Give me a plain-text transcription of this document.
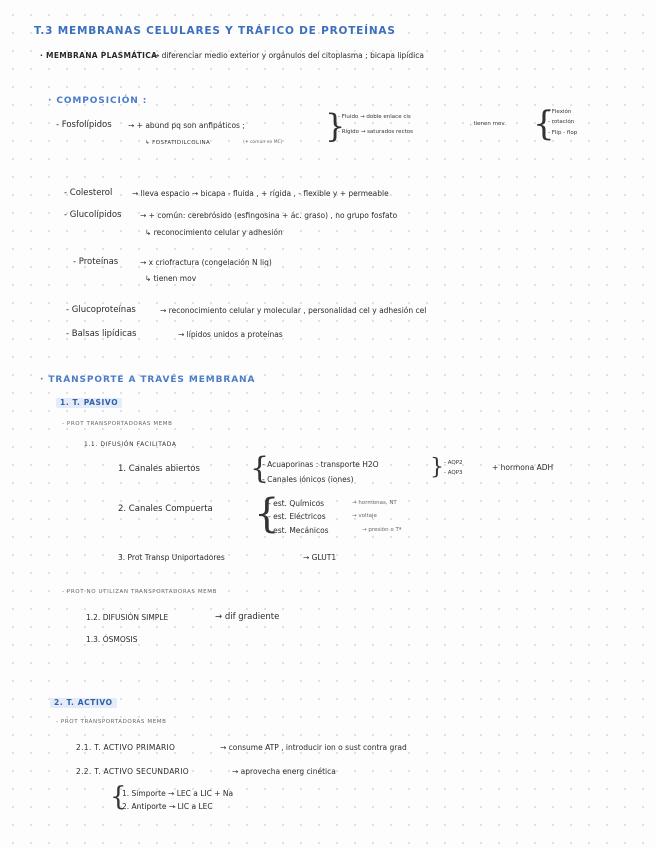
T.3 MEMBRANAS CELULARES Y TRÁFICO DE PROTEÍNAS
· MEMBRANA PLASMÁTICA
→ diferenciar medio exterior y orgánulos del citoplasma ; bicapa lipídica
· COMPOSICIÓN :
- Fosfolípidos → + abund pq son anfipáticos ;	}
- Fluido → doble enlace cis
- Rígido → saturados rectos
, tienen mov. {
- Flexión
- rotación
- Flip - flop
↳ FOSFATIDILCOLINA	(+ común en MC)
- Colesterol	→ lleva espacio → bicapa - fluida , + rígida , - flexible y + permeable
- Glucolípidos → + común: cerebrósido (esfingosina + ác. graso) , no grupo fosfato
↳ reconocimiento celular y adhesión
- Proteínas	→ x criofractura (congelación N liq)
↳ tienen mov
- Glucoproteínas	→ reconocimiento celular y molecular , personalidad cel y adhesión cel
- Balsas lipídicas	→ lípidos unidos a proteínas
· TRANSPORTE A TRAVÉS MEMBRANA
1. T. PASIVO
- PROT TRANSPORTADORAS MEMB
1.1. DIFUSIÓN FACILITADA
1. Canales abiertos {
- Acuaporinas : transporte H2O
- Canales iónicos (iones)	} - AQP2
- AQP3
+ hormona ADH
2. Canales Compuerta {
- est. Químicos	→ hormonas, NT
- est. Eléctricos	→ voltaje
- est. Mecánicos	→ presión o Tª
3. Prot Transp Uniportadores	→ GLUT1
- PROT NO UTILIZAN TRANSPORTADORAS MEMB
1.2. DIFUSIÓN SIMPLE	→ dif gradiente
1.3. ÓSMOSIS
2. T. ACTIVO
- PROT TRANSPORTADORAS MEMB
2.1. T. ACTIVO PRIMARIO	→ consume ATP , introducir ion o sust contra grad
2.2. T. ACTIVO SECUNDARIO	→ aprovecha energ cinética
{
1. Simporte → LEC a LIC + Na
2. Antiporte → LIC a LEC
